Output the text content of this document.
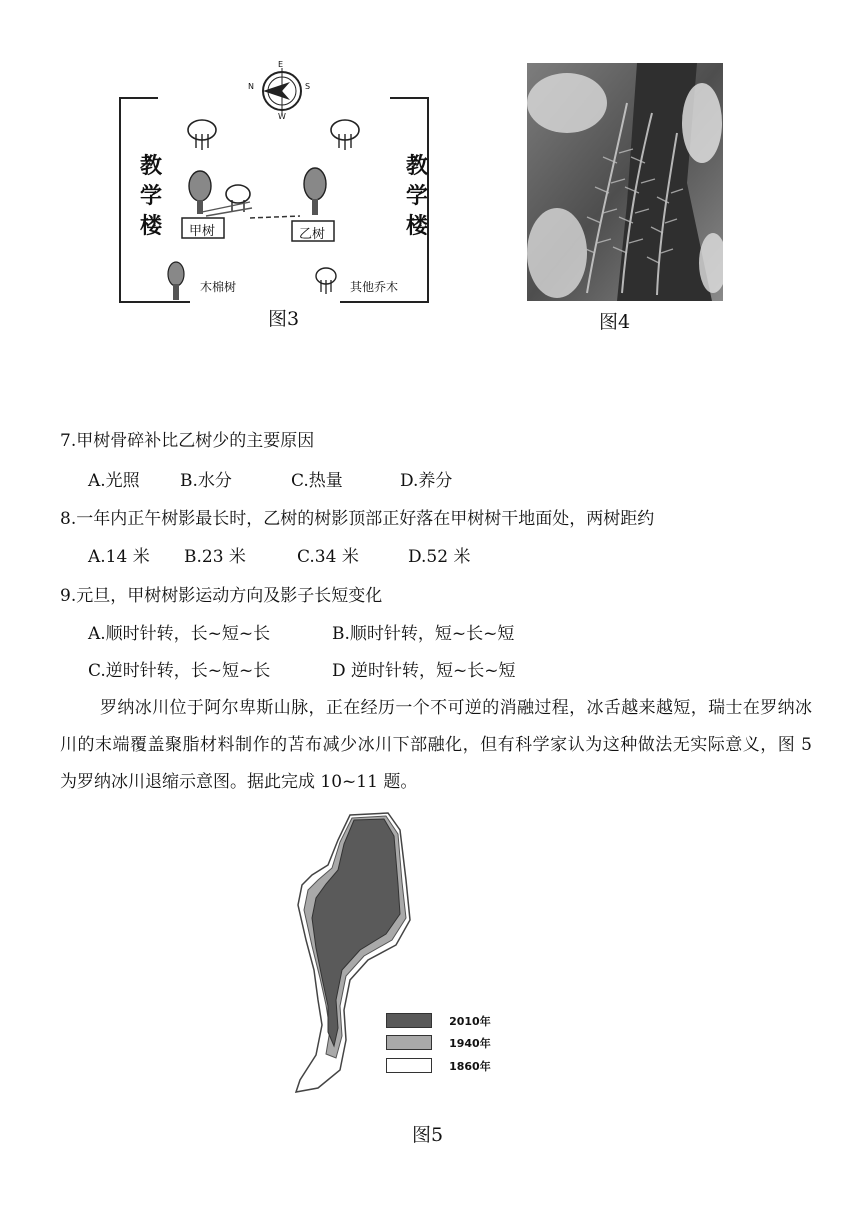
N	S
E
W
教学楼
教学楼
甲树	乙树
木棉树	其他乔木
图3	图4
7.甲树骨碎补比乙树少的主要原因
A.光照 B.水分	C.热量	D.养分
8.一年内正午树影最长时，乙树的树影顶部正好落在甲树树干地面处，两树距约
A.14 米 B.23 米	C.34 米	D.52 米
9.元旦，甲树树影运动方向及影子长短变化
A.顺时针转，长~短~长	B.顺时针转，短~长~短
C.逆时针转，长~短~长	D 逆时针转，短~长~短
罗纳冰川位于阿尔卑斯山脉，正在经历一个不可逆的消融过程，冰舌越来越短，瑞士在罗纳冰川的末端覆盖聚脂材料制作的苫布减少冰川下部融化，但有科学家认为这种做法无实际意义，图 5 为罗纳冰川退缩示意图。据此完成 10~11 题。
2010年
1940年
1860年
图5
